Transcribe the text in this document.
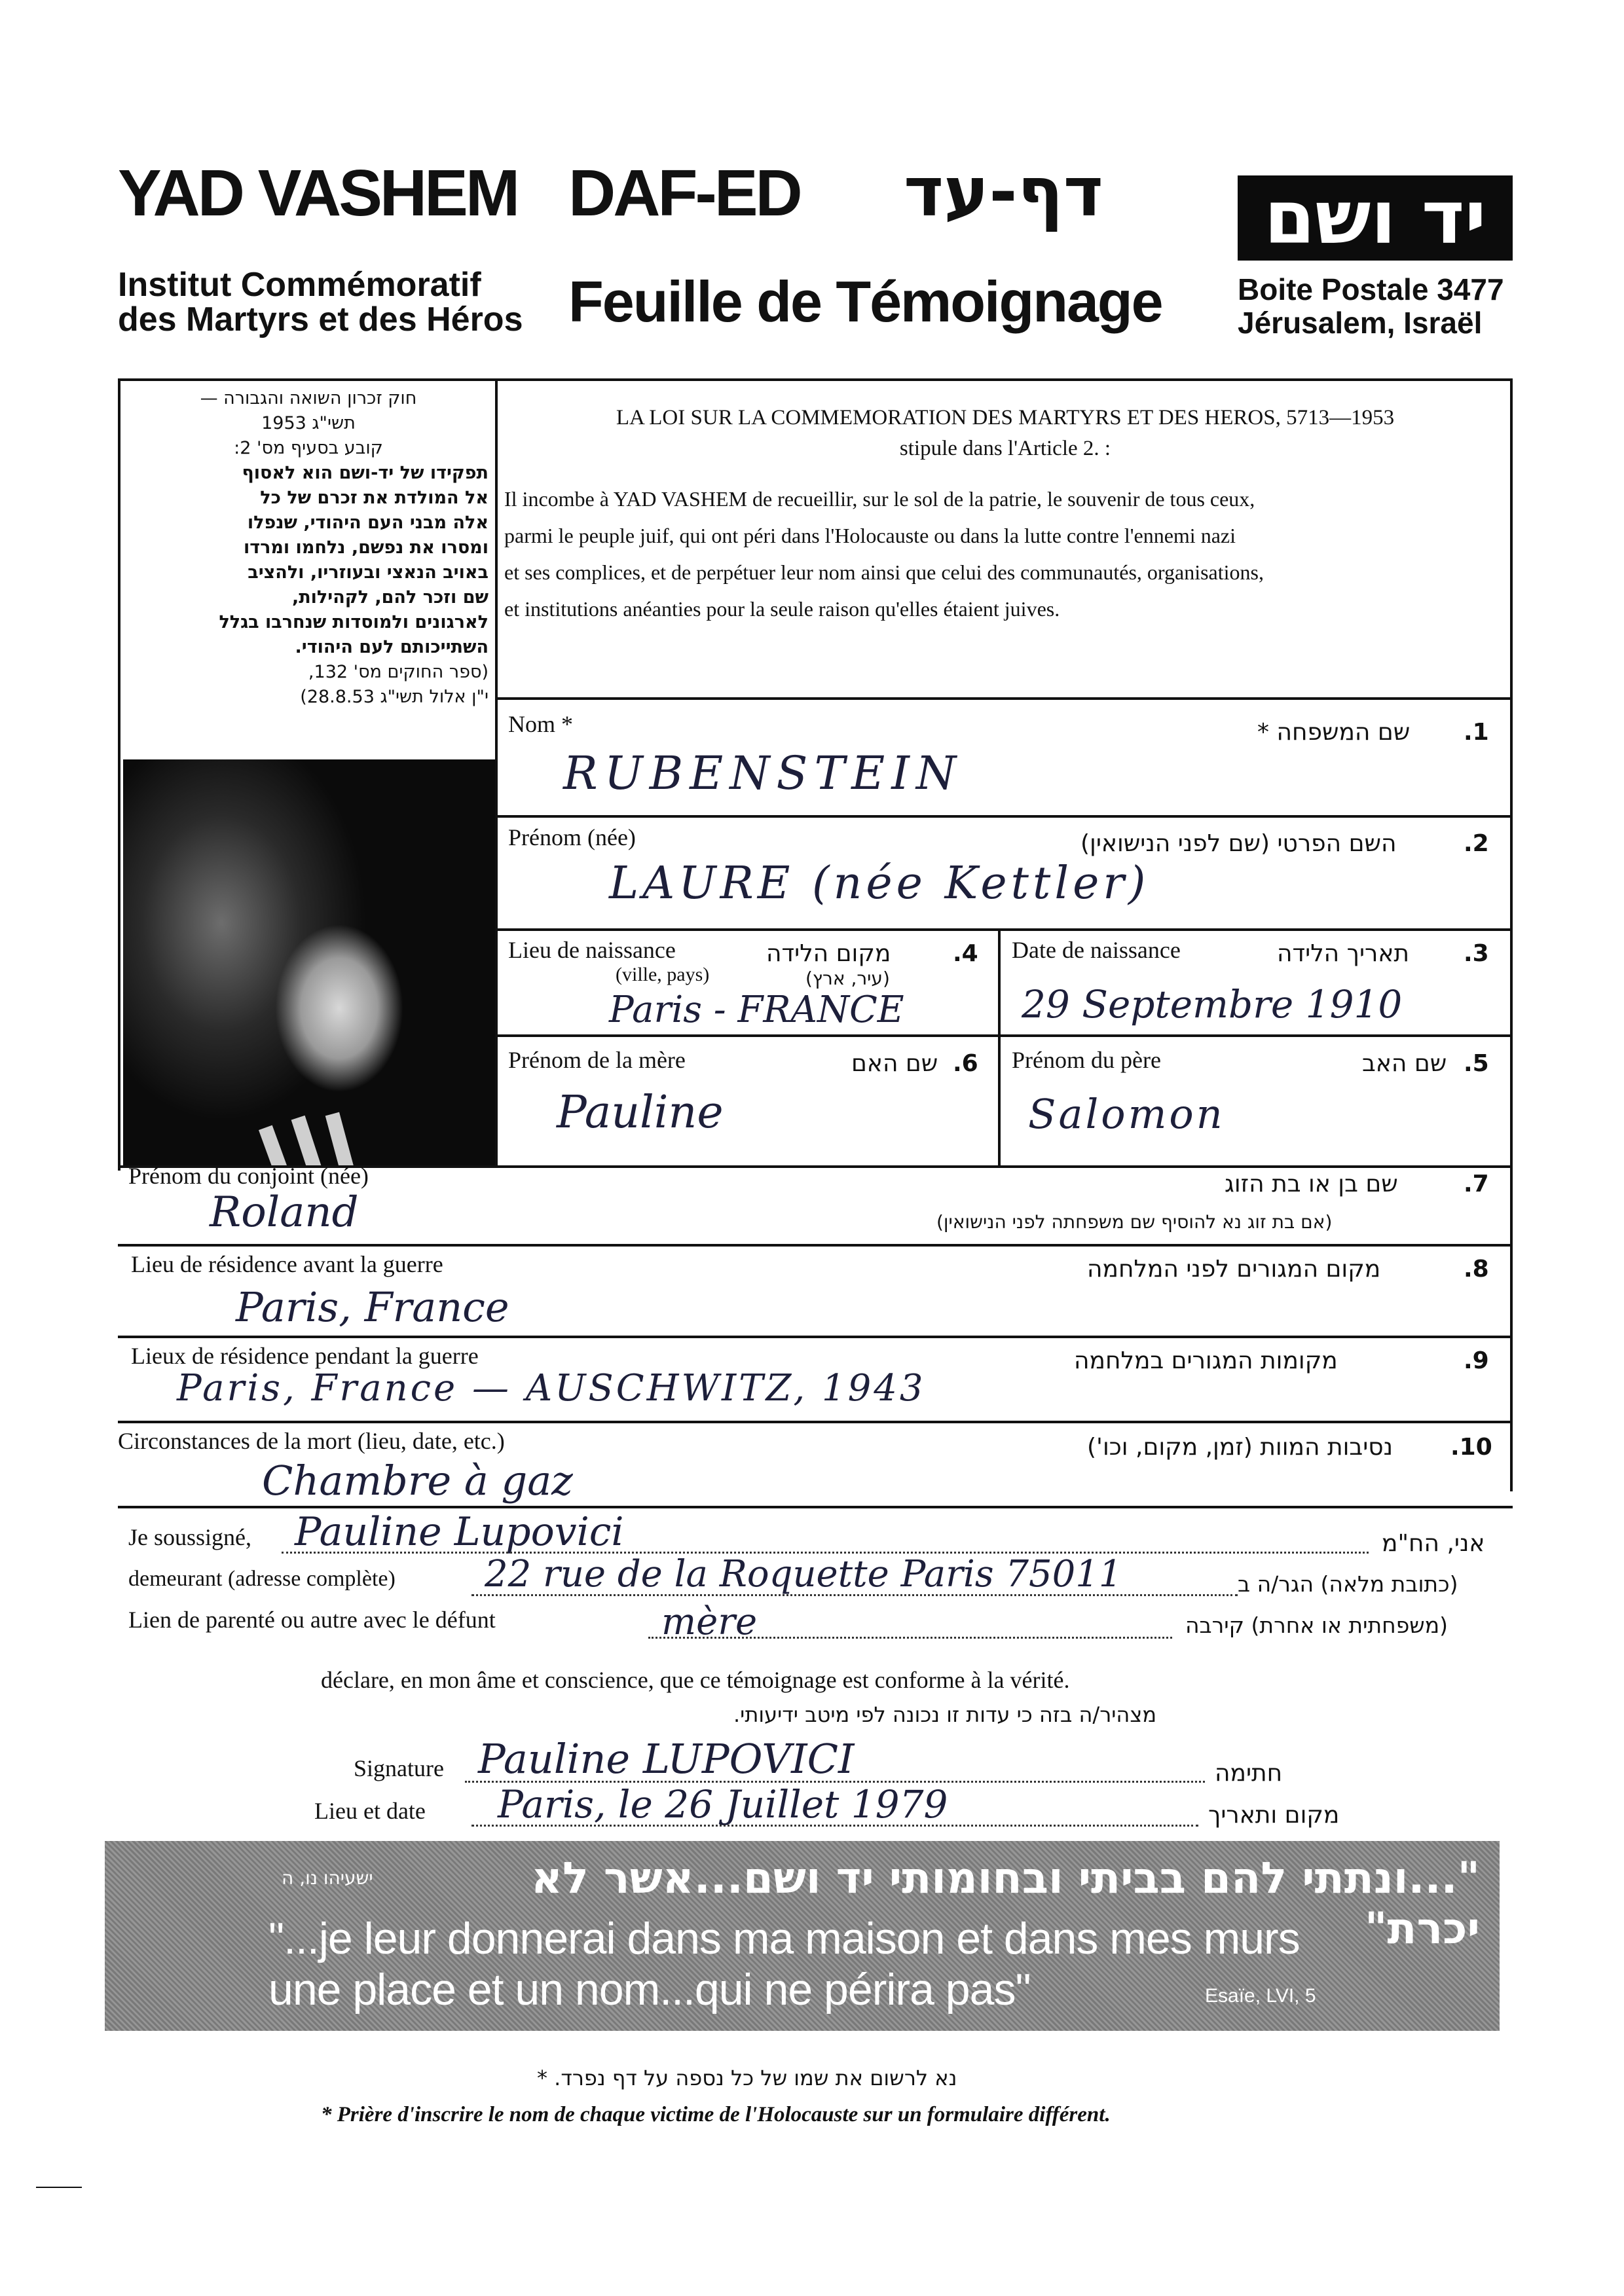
YAD VASHEM
Institut Commémoratif
des Martyrs et des Héros
DAF-ED דף-עד
Feuille de Témoignage
יד ושם
Boite Postale 3477
Jérusalem, Israël
חוק זכרון השואה והגבורה —
תשי"ג 1953
קובע בסעיף מס' 2:
תפקידו של יד-ושם הוא לאסוף
אל המולדת את זכרם של כל
אלה מבני העם היהודי, שנפלו
ומסרו את נפשם, נלחמו ומרדו
באויב הנאצי ובעוזריו, ולהציב
שם וזכר להם, לקהילות,
לארגונים ולמוסדות שנחרבו בגלל
השתייכותם לעם היהודי.
(ספר החוקים מס' 132,
י"ן אלול תשי"ג 28.8.53)
LA LOI SUR LA COMMEMORATION DES MARTYRS ET DES HEROS, 5713—1953
stipule dans l'Article 2. :
Il incombe à YAD VASHEM de recueillir, sur le sol de la patrie, le souvenir de tous ceux,
parmi le peuple juif, qui ont péri dans l'Holocauste ou dans la lutte contre l'ennemi nazi
et ses complices, et de perpétuer leur nom ainsi que celui des communautés, organisations,
et institutions anéanties pour la seule raison qu'elles étaient juives.
Nom *	שם המשפחה * .1
RUBENSTEIN
Prénom (née)	השם הפרטי (שם לפני הנישואין)	.2
LAURE (née Kettler)
Lieu de naissance
(ville, pays)
מקום הלידה
(עיר, ארץ)
.4
Paris - FRANCE
Date de naissance	תאריך הלידה .3
29 Septembre 1910
Prénom de la mère	שם האם .6
Pauline
Prénom du père	שם האב .5
Salomon
Prénom du conjoint (née)	שם בן או בת הזוג
(אם בת זוג נא להוסיף שם משפחתה לפני הנישואין)
.7
Roland
Lieu de résidence avant la guerre	מקום המגורים לפני המלחמה	.8
Paris, France
Lieux de résidence pendant la guerre	מקומות המגורים במלחמה	.9
Paris, France — AUSCHWITZ, 1943
Circonstances de la mort (lieu, date, etc.)	נסיבות המוות (זמן, מקום, וכו') .10
Chambre à gaz
Je soussigné, Pauline Lupovici	אני, הח"מ
demeurant (adresse complète) 22 rue de la Roquette Paris 75011	(כתובת מלאה) הגר/ה ב
Lien de parenté ou autre avec le défunt	mère	(משפחתית או אחרת) קירבה
déclare, en mon âme et conscience, que ce témoignage est conforme à la vérité.
מצהיר/ה בזה כי עדות זו נכונה לפי מיטב ידיעותי.
Signature Pauline LUPOVICI	חתימה
Lieu et date Paris, le 26 Juillet 1979	מקום ותאריך
"...ונתתי להם בביתי ובחומותי יד ושם...אשר לא יכרת"
ישעיהו נו, ה
"...je leur donnerai dans ma maison et dans mes murs
une place et un nom...qui ne périra pas"	Esaïe, LVI, 5
נא לרשום את שמו של כל נספה על דף נפרד. *
* Prière d'inscrire le nom de chaque victime de l'Holocauste sur un formulaire différent.
